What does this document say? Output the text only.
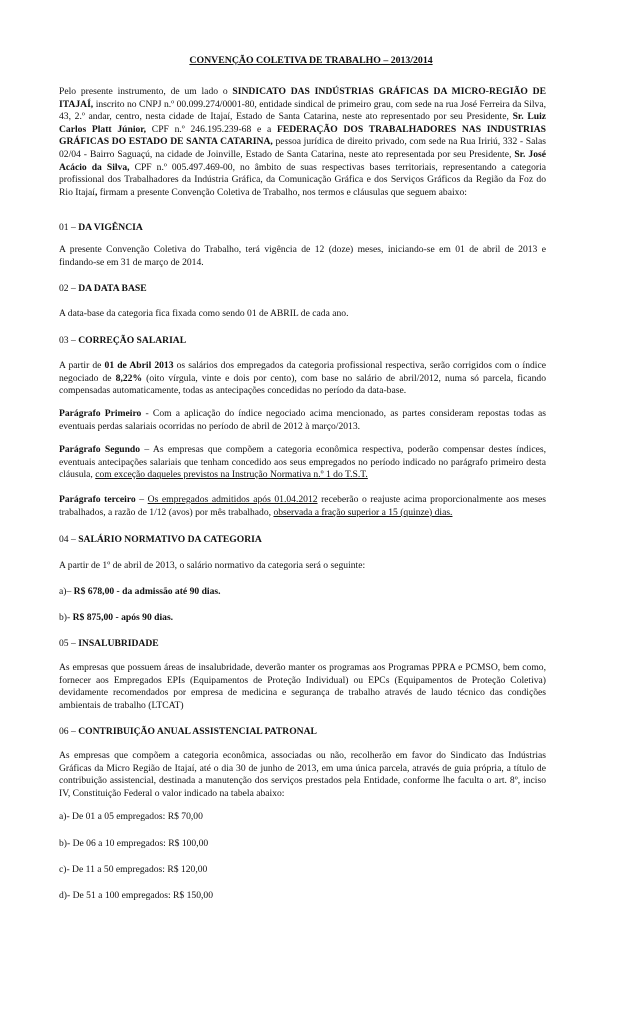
CONVENÇÃO COLETIVA DE TRABALHO – 2013/2014

Pelo presente instrumento, de um lado o SINDICATO DAS INDÚSTRIAS GRÁFICAS DA MICRO-REGIÃO DE ITAJAÍ, inscrito no CNPJ n.º 00.099.274/0001-80, entidade sindical de primeiro grau, com sede na rua José Ferreira da Silva, 43, 2.º andar, centro, nesta cidade de Itajaí, Estado de Santa Catarina, neste ato representado por seu Presidente, Sr. Luiz Carlos Platt Júnior, CPF n.º 246.195.239-68 e a FEDERAÇÃO DOS TRABALHADORES NAS INDUSTRIAS GRÁFICAS DO ESTADO DE SANTA CATARINA, pessoa jurídica de direito privado, com sede na Rua Iririú, 332 - Salas 02/04 - Bairro Saguaçú, na cidade de Joinville, Estado de Santa Catarina, neste ato representada por seu Presidente, Sr. José Acácio da Silva, CPF n.º 005.497.469-00, no âmbito de suas respectivas bases territoriais, representando a categoria profissional dos Trabalhadores da Indústria Gráfica, da Comunicação Gráfica e dos Serviços Gráficos da Região da Foz do Rio Itajaí, firmam a presente Convenção Coletiva de Trabalho, nos termos e cláusulas que seguem abaixo:

01 – DA VIGÊNCIA

A presente Convenção Coletiva do Trabalho, terá vigência de 12 (doze) meses, iniciando-se em 01 de abril de 2013 e findando-se em 31 de março de 2014.

02 – DA DATA BASE

A data-base da categoria fica fixada como sendo 01 de ABRIL de cada ano.

03 – CORREÇÃO SALARIAL

A partir de 01 de Abril 2013 os salários dos empregados da categoria profissional respectiva, serão corrigidos com o índice negociado de 8,22% (oito vírgula, vinte e dois por cento), com base no salário de abril/2012, numa só parcela, ficando compensadas automaticamente, todas as antecipações concedidas no período da data-base.

Parágrafo Primeiro - Com a aplicação do índice negociado acima mencionado, as partes consideram repostas todas as eventuais perdas salariais ocorridas no período de abril de 2012 à março/2013.

Parágrafo Segundo – As empresas que compõem a categoria econômica respectiva, poderão compensar destes índices, eventuais antecipações salariais que tenham concedido aos seus empregados no período indicado no parágrafo primeiro desta cláusula, com exceção daqueles previstos na Instrução Normativa n.º 1 do T.S.T.

Parágrafo terceiro – Os empregados admitidos após 01.04.2012 receberão o reajuste acima proporcionalmente aos meses trabalhados, a razão de 1/12 (avos) por mês trabalhado, observada a fração superior a 15 (quinze) dias.

04 – SALÁRIO NORMATIVO DA CATEGORIA

A partir de 1º de abril de 2013, o salário normativo da categoria será o seguinte:

a)– R$ 678,00 - da admissão até 90 dias.

b)- R$ 875,00 - após 90 dias.

05 – INSALUBRIDADE

As empresas que possuem áreas de insalubridade, deverão manter os programas aos Programas PPRA e PCMSO, bem como, fornecer aos Empregados EPIs (Equipamentos de Proteção Individual) ou EPCs (Equipamentos de Proteção Coletiva) devidamente recomendados por empresa de medicina e segurança de trabalho através de laudo técnico das condições ambientais de trabalho (LTCAT)

06 – CONTRIBUIÇÃO ANUAL ASSISTENCIAL PATRONAL

As empresas que compõem a categoria econômica, associadas ou não, recolherão em favor do Sindicato das Indústrias Gráficas da Micro Região de Itajaí, até o dia 30 de junho de 2013, em uma única parcela, através de guia própria, a título de contribuição assistencial, destinada a manutenção dos serviços prestados pela Entidade, conforme lhe faculta o art. 8º, inciso IV, Constituição Federal o valor indicado na tabela abaixo:

a)- De 01 a 05 empregados: R$ 70,00

b)- De 06 a 10 empregados: R$ 100,00

c)- De 11 a 50 empregados: R$ 120,00

d)- De 51 a 100 empregados: R$ 150,00
